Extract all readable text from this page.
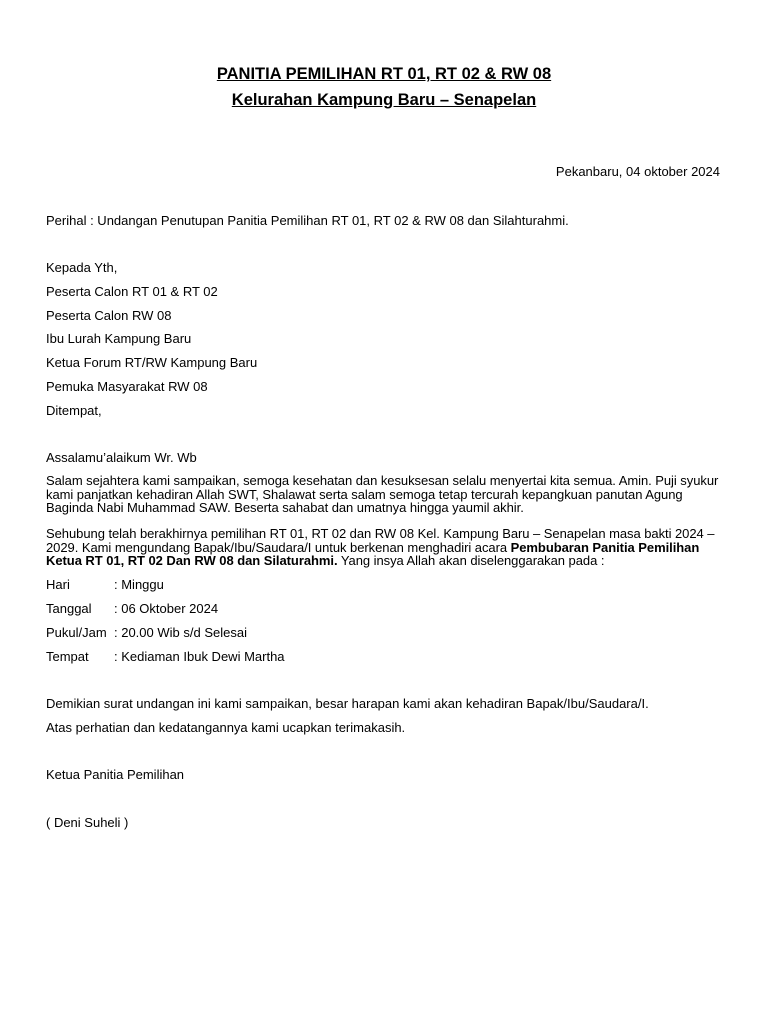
PANITIA PEMILIHAN RT 01, RT 02 & RW 08
Kelurahan Kampung Baru – Senapelan
Pekanbaru, 04 oktober 2024
Perihal : Undangan Penutupan Panitia Pemilihan RT 01, RT 02 & RW 08 dan Silahturahmi.
Kepada Yth,
Peserta Calon RT 01 & RT 02
Peserta Calon RW 08
Ibu Lurah Kampung Baru
Ketua Forum RT/RW Kampung Baru
Pemuka Masyarakat RW 08
Ditempat,
Assalamu’alaikum Wr. Wb
Salam sejahtera kami sampaikan, semoga kesehatan dan kesuksesan selalu menyertai kita semua. Amin. Puji syukur kami panjatkan kehadiran Allah SWT, Shalawat serta salam semoga tetap tercurah kepangkuan panutan Agung Baginda Nabi Muhammad SAW. Beserta sahabat dan umatnya hingga yaumil akhir.
Sehubung telah berakhirnya pemilihan RT 01, RT 02 dan RW 08 Kel. Kampung Baru – Senapelan masa bakti 2024 – 2029. Kami mengundang Bapak/Ibu/Saudara/I untuk berkenan menghadiri acara Pembubaran Panitia Pemilihan Ketua RT 01, RT 02 Dan RW 08 dan Silaturahmi. Yang insya Allah akan diselenggarakan pada :
Hari	: Minggu
Tanggal : 06 Oktober 2024
Pukul/Jam : 20.00 Wib s/d Selesai
Tempat : Kediaman Ibuk Dewi Martha
Demikian surat undangan ini kami sampaikan, besar harapan kami akan kehadiran Bapak/Ibu/Saudara/I.
Atas perhatian dan kedatangannya kami ucapkan terimakasih.
Ketua Panitia Pemilihan
( Deni Suheli )
